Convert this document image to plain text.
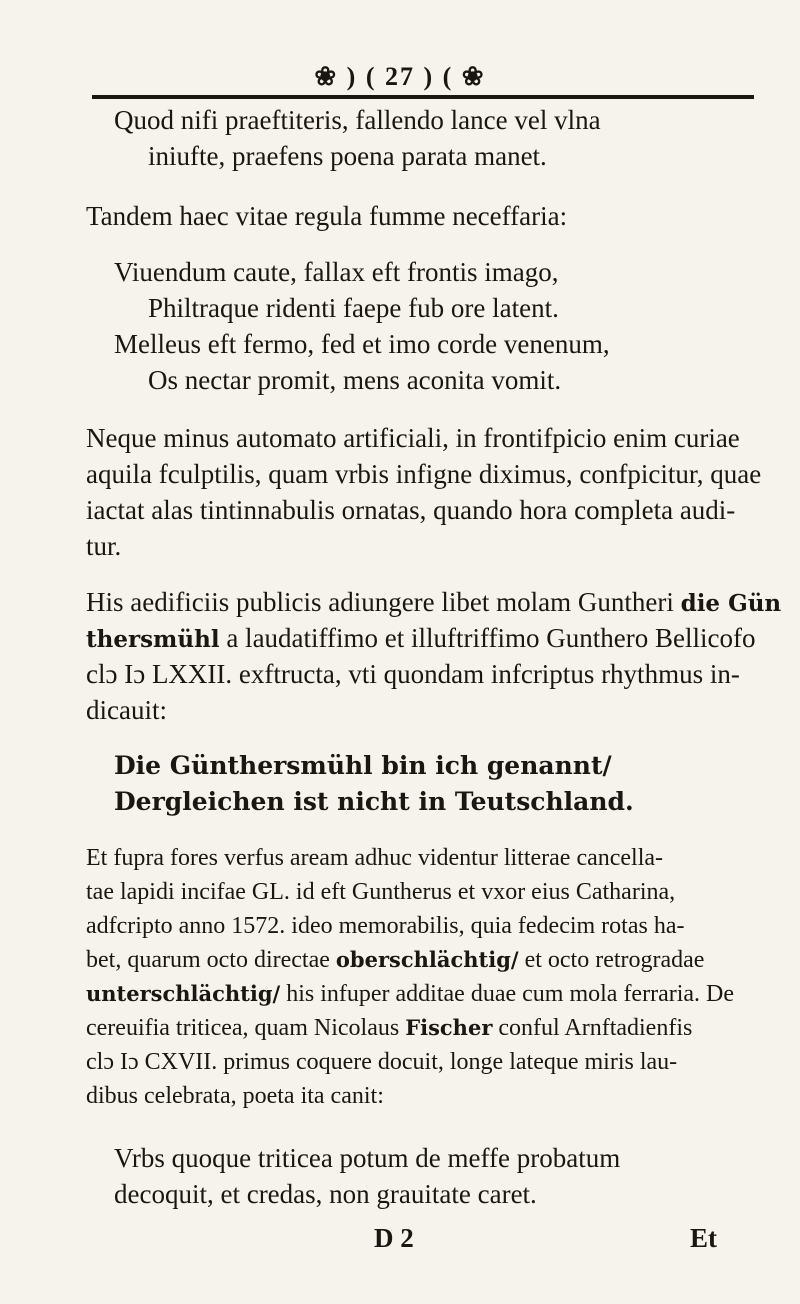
❀ ) ( 27 ) ( ❀
Quod nifi praeftiteris, fallendo lance vel vlna
iniufte, praefens poena parata manet.
Tandem haec vitae regula fumme neceffaria:
Viuendum caute, fallax eft frontis imago,
Philtraque ridenti faepe fub ore latent.
Melleus eft fermo, fed et imo corde venenum,
Os nectar promit, mens aconita vomit.
Neque minus automato artificiali, in frontifpicio enim curiae
aquila fculptilis, quam vrbis infigne diximus, confpicitur, quae
iactat alas tintinnabulis ornatas, quando hora completa audi-
tur.
His aedificiis publicis adiungere libet molam Guntheri die Gün
thersmühl a laudatiffimo et illuftriffimo Gunthero Bellicofo
clɔ Iɔ LXXII. exftructa, vti quondam infcriptus rhythmus in-
dicauit:
Die Günthersmühl bin ich genannt/
Dergleichen ist nicht in Teutschland.
Et fupra fores verfus aream adhuc videntur litterae cancella-
tae lapidi incifae GL. id eft Guntherus et vxor eius Catharina,
adfcripto anno 1572. ideo memorabilis, quia fedecim rotas ha-
bet, quarum octo directae oberschlächtig/ et octo retrogradae
unterschlächtig/ his infuper additae duae cum mola ferraria. De
cereuifia triticea, quam Nicolaus Fischer conful Arnftadienfis
clɔ Iɔ CXVII. primus coquere docuit, longe lateque miris lau-
dibus celebrata, poeta ita canit:
Vrbs quoque triticea potum de meffe probatum
decoquit, et credas, non grauitate caret.
D 2	Et
